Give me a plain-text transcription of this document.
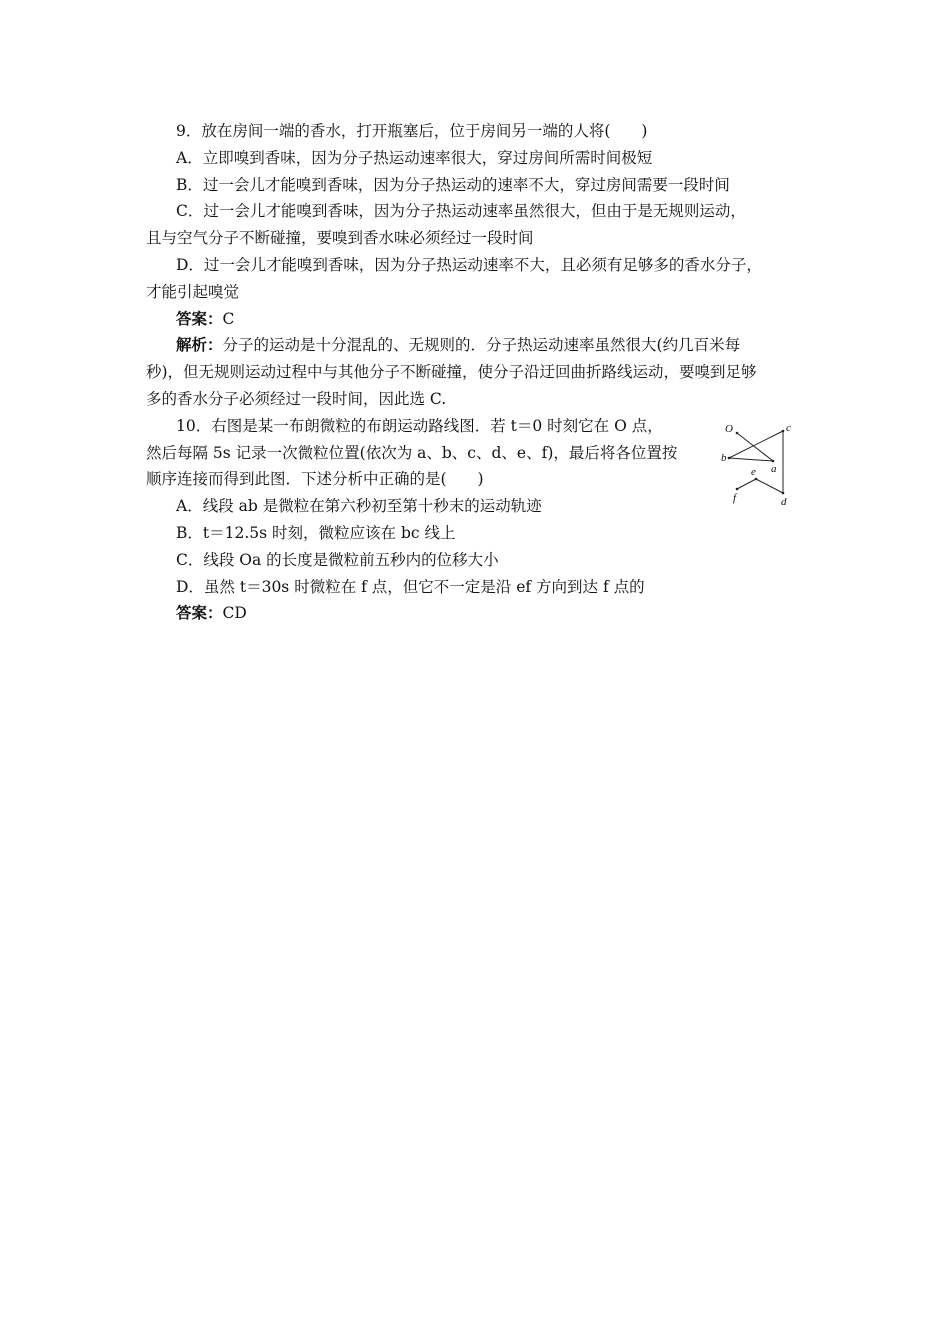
9．放在房间一端的香水，打开瓶塞后，位于房间另一端的人将(　　)
A．立即嗅到香味，因为分子热运动速率很大，穿过房间所需时间极短
B．过一会儿才能嗅到香味，因为分子热运动的速率不大，穿过房间需要一段时间
C．过一会儿才能嗅到香味，因为分子热运动速率虽然很大，但由于是无规则运动，
且与空气分子不断碰撞，要嗅到香水味必须经过一段时间
D．过一会儿才能嗅到香味，因为分子热运动速率不大，且必须有足够多的香水分子，
才能引起嗅觉
答案：C
解析：分子的运动是十分混乱的、无规则的．分子热运动速率虽然很大(约几百米每
秒)，但无规则运动过程中与其他分子不断碰撞，使分子沿迂回曲折路线运动，要嗅到足够
多的香水分子必须经过一段时间，因此选 C.
10．右图是某一布朗微粒的布朗运动路线图．若 t＝0 时刻它在 O 点，
然后每隔 5s 记录一次微粒位置(依次为 a、b、c、d、e、f)，最后将各位置按
顺序连接而得到此图．下述分析中正确的是(　　)
O
a
b
c
d
e
f
A．线段 ab 是微粒在第六秒初至第十秒末的运动轨迹
B．t＝12.5s 时刻，微粒应该在 bc 线上
C．线段 Oa 的长度是微粒前五秒内的位移大小
D．虽然 t＝30s 时微粒在 f 点，但它不一定是沿 ef 方向到达 f 点的
答案：CD
